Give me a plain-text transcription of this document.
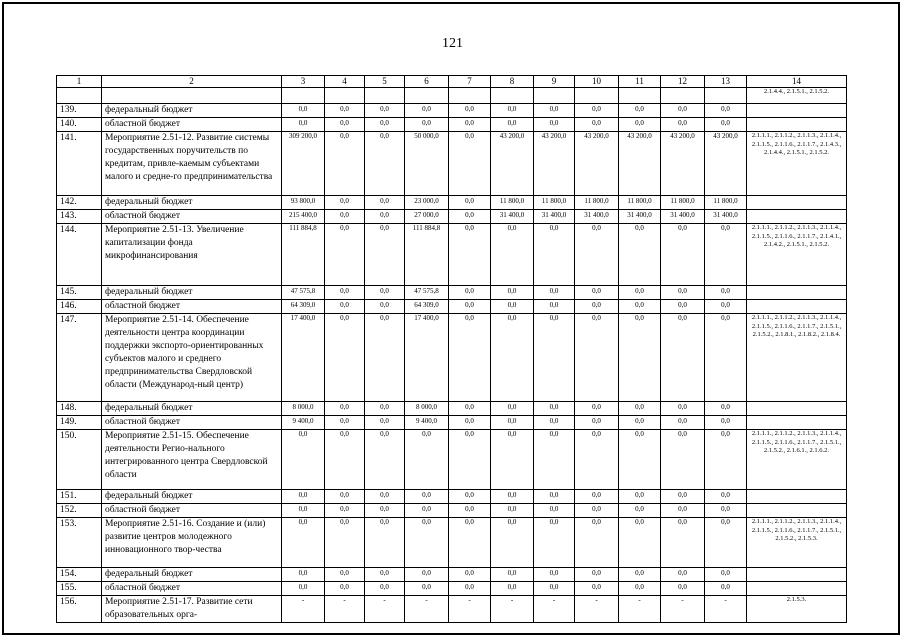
121
1	2	3	4	5	6	7	8	9	10	11	12	13	14
													2.1.4.4., 2.1.5.1., 2.1.5.2.
139.	федеральный бюджет	0,0	0,0	0,0	0,0	0,0	0,0	0,0	0,0	0,0	0,0	0,0	
140.	областной бюджет	0,0	0,0	0,0	0,0	0,0	0,0	0,0	0,0	0,0	0,0	0,0	
141.	Мероприятие 2.51-12. Развитие системы государственных поручительств по кредитам, привле-каемым субъектами малого и средне-го предпринимательства	309 200,0	0,0	0,0	50 000,0	0,0	43 200,0	43 200,0	43 200,0	43 200,0	43 200,0	43 200,0	2.1.1.1., 2.1.1.2., 2.1.1.3., 2.1.1.4., 2.1.1.5., 2.1.1.6., 2.1.1.7., 2.1.4.3., 2.1.4.4., 2.1.5.1., 2.1.5.2.
142.	федеральный бюджет	93 800,0	0,0	0,0	23 000,0	0,0	11 800,0	11 800,0	11 800,0	11 800,0	11 800,0	11 800,0	
143.	областной бюджет	215 400,0	0,0	0,0	27 000,0	0,0	31 400,0	31 400,0	31 400,0	31 400,0	31 400,0	31 400,0	
144.	Мероприятие 2.51-13. Увеличение капитализации фонда микрофинансирования	111 884,8	0,0	0,0	111 884,8	0,0	0,0	0,0	0,0	0,0	0,0	0,0	2.1.1.1., 2.1.1.2., 2.1.1.3., 2.1.1.4., 2.1.1.5., 2.1.1.6., 2.1.1.7., 2.1.4.1., 2.1.4.2., 2.1.5.1., 2.1.5.2.
145.	федеральный бюджет	47 575,8	0,0	0,0	47 575,8	0,0	0,0	0,0	0,0	0,0	0,0	0,0	
146.	областной бюджет	64 309,0	0,0	0,0	64 309,0	0,0	0,0	0,0	0,0	0,0	0,0	0,0	
147.	Мероприятие 2.51-14. Обеспечение деятельности центра координации поддержки экспорто-ориентированных субъектов малого и среднего предпринимательства Свердловской области (Международ-ный центр)	17 400,0	0,0	0,0	17 400,0	0,0	0,0	0,0	0,0	0,0	0,0	0,0	2.1.1.1., 2.1.1.2., 2.1.1.3., 2.1.1.4., 2.1.1.5., 2.1.1.6., 2.1.1.7., 2.1.5.1., 2.1.5.2., 2.1.8.1., 2.1.8.2., 2.1.8.4.
148.	федеральный бюджет	8 000,0	0,0	0,0	8 000,0	0,0	0,0	0,0	0,0	0,0	0,0	0,0	
149.	областной бюджет	9 400,0	0,0	0,0	9 400,0	0,0	0,0	0,0	0,0	0,0	0,0	0,0	
150.	Мероприятие 2.51-15. Обеспечение деятельности Регио-нального интегрированного центра Свердловской области	0,0	0,0	0,0	0,0	0,0	0,0	0,0	0,0	0,0	0,0	0,0	2.1.1.1., 2.1.1.2., 2.1.1.3., 2.1.1.4., 2.1.1.5., 2.1.1.6., 2.1.1.7., 2.1.5.1., 2.1.5.2., 2.1.6.1., 2.1.6.2.
151.	федеральный бюджет	0,0	0,0	0,0	0,0	0,0	0,0	0,0	0,0	0,0	0,0	0,0	
152.	областной бюджет	0,0	0,0	0,0	0,0	0,0	0,0	0,0	0,0	0,0	0,0	0,0	
153.	Мероприятие 2.51-16. Создание и (или) развитие центров молодежного инновационного твор-чества	0,0	0,0	0,0	0,0	0,0	0,0	0,0	0,0	0,0	0,0	0,0	2.1.1.1., 2.1.1.2., 2.1.1.3., 2.1.1.4., 2.1.1.5., 2.1.1.6., 2.1.1.7., 2.1.5.1., 2.1.5.2., 2.1.5.3.
154.	федеральный бюджет	0,0	0,0	0,0	0,0	0,0	0,0	0,0	0,0	0,0	0,0	0,0	
155.	областной бюджет	0,0	0,0	0,0	0,0	0,0	0,0	0,0	0,0	0,0	0,0	0,0	
156.	Мероприятие 2.51-17. Развитие сети образовательных орга-	-	-	-	-	-	-	-	-	-	-	-	2.1.5.3.
